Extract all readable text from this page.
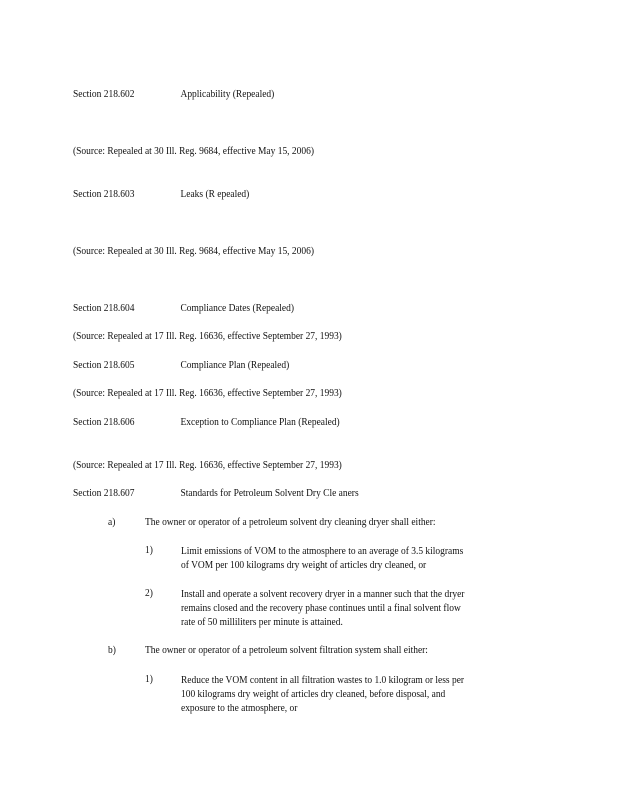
Section 218.602	Applicability (Repealed)
(Source: Repealed at 30 Ill. Reg. 9684, effective May 15, 2006)
Section 218.603	Leaks (R epealed)
(Source: Repealed at 30 Ill. Reg. 9684, effective May 15, 2006)
Section 218.604	Compliance Dates (Repealed)
(Source: Repealed at 17 Ill. Reg. 16636, effective September 27, 1993)
Section 218.605	Compliance Plan (Repealed)
(Source: Repealed at 17 Ill. Reg. 16636, effective September 27, 1993)
Section 218.606	Exception to Compliance Plan (Repealed)
(Source: Repealed at 17 Ill. Reg. 16636, effective September 27, 1993)
Section 218.607	Standards for Petroleum Solvent Dry Cle aners
a)	The owner or operator of a petroleum solvent dry cleaning dryer shall either:
1)	Limit emissions of VOM to the atmosphere to an average of 3.5 kilograms
of VOM per 100 kilograms dry weight of articles dry cleaned, or
2)	Install and operate a solvent recovery dryer in a manner such that the dryer
remains closed and the recovery phase continues until a final solvent flow
rate of 50 milliliters per minute is attained.
b)	The owner or operator of a petroleum solvent filtration system shall either:
1)	Reduce the VOM content in all filtration wastes to 1.0 kilogram or less per
100 kilograms dry weight of articles dry cleaned, before disposal, and
exposure to the atmosphere, or
